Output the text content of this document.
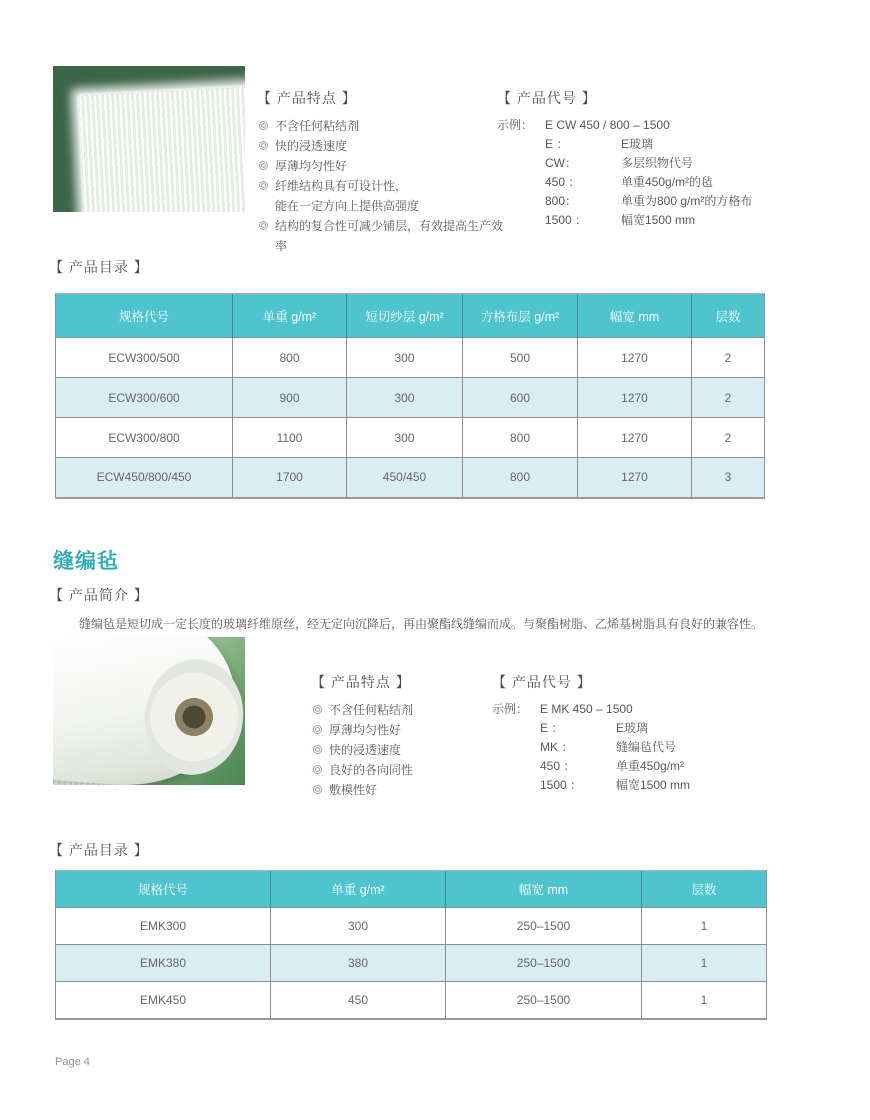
【 产品特点 】
不含任何粘结剂
快的浸透速度
厚薄均匀性好
纤维结构具有可设计性，
能在一定方向上提供高强度
结构的复合性可减少铺层，有效提高生产效率
【 产品代号 】
示例： E CW 450 / 800 – 1500
E ：	E玻璃
CW：	多层织物代号
450 ：	单重450g/m²的毡
800：	单重为800 g/m²的方格布
1500 ：	幅宽1500 mm
【 产品目录 】
规格代号	单重 g/m²	短切纱层 g/m²	方格布层 g/m²	幅宽 mm	层数
ECW300/500	800	300	500	1270	2
ECW300/600	900	300	600	1270	2
ECW300/800	1100	300	800	1270	2
ECW450/800/450	1700	450/450	800	1270	3
缝编毡
【 产品简介 】
缝编毡是短切成一定长度的玻璃纤维原丝，经无定向沉降后，再由聚酯线缝编而成。与聚酯树脂、乙烯基树脂具有良好的兼容性。
【 产品特点 】
不含任何粘结剂
厚薄均匀性好
快的浸透速度
良好的各向同性
敷模性好
【 产品代号 】
示例： E MK 450 – 1500
E ：	E玻璃
MK ：	缝编毡代号
450 ：	单重450g/m²
1500 ：	幅宽1500 mm
【 产品目录 】
规格代号	单重 g/m²	幅宽 mm	层数
EMK300	300	250–1500	1
EMK380	380	250–1500	1
EMK450	450	250–1500	1
Page 4
